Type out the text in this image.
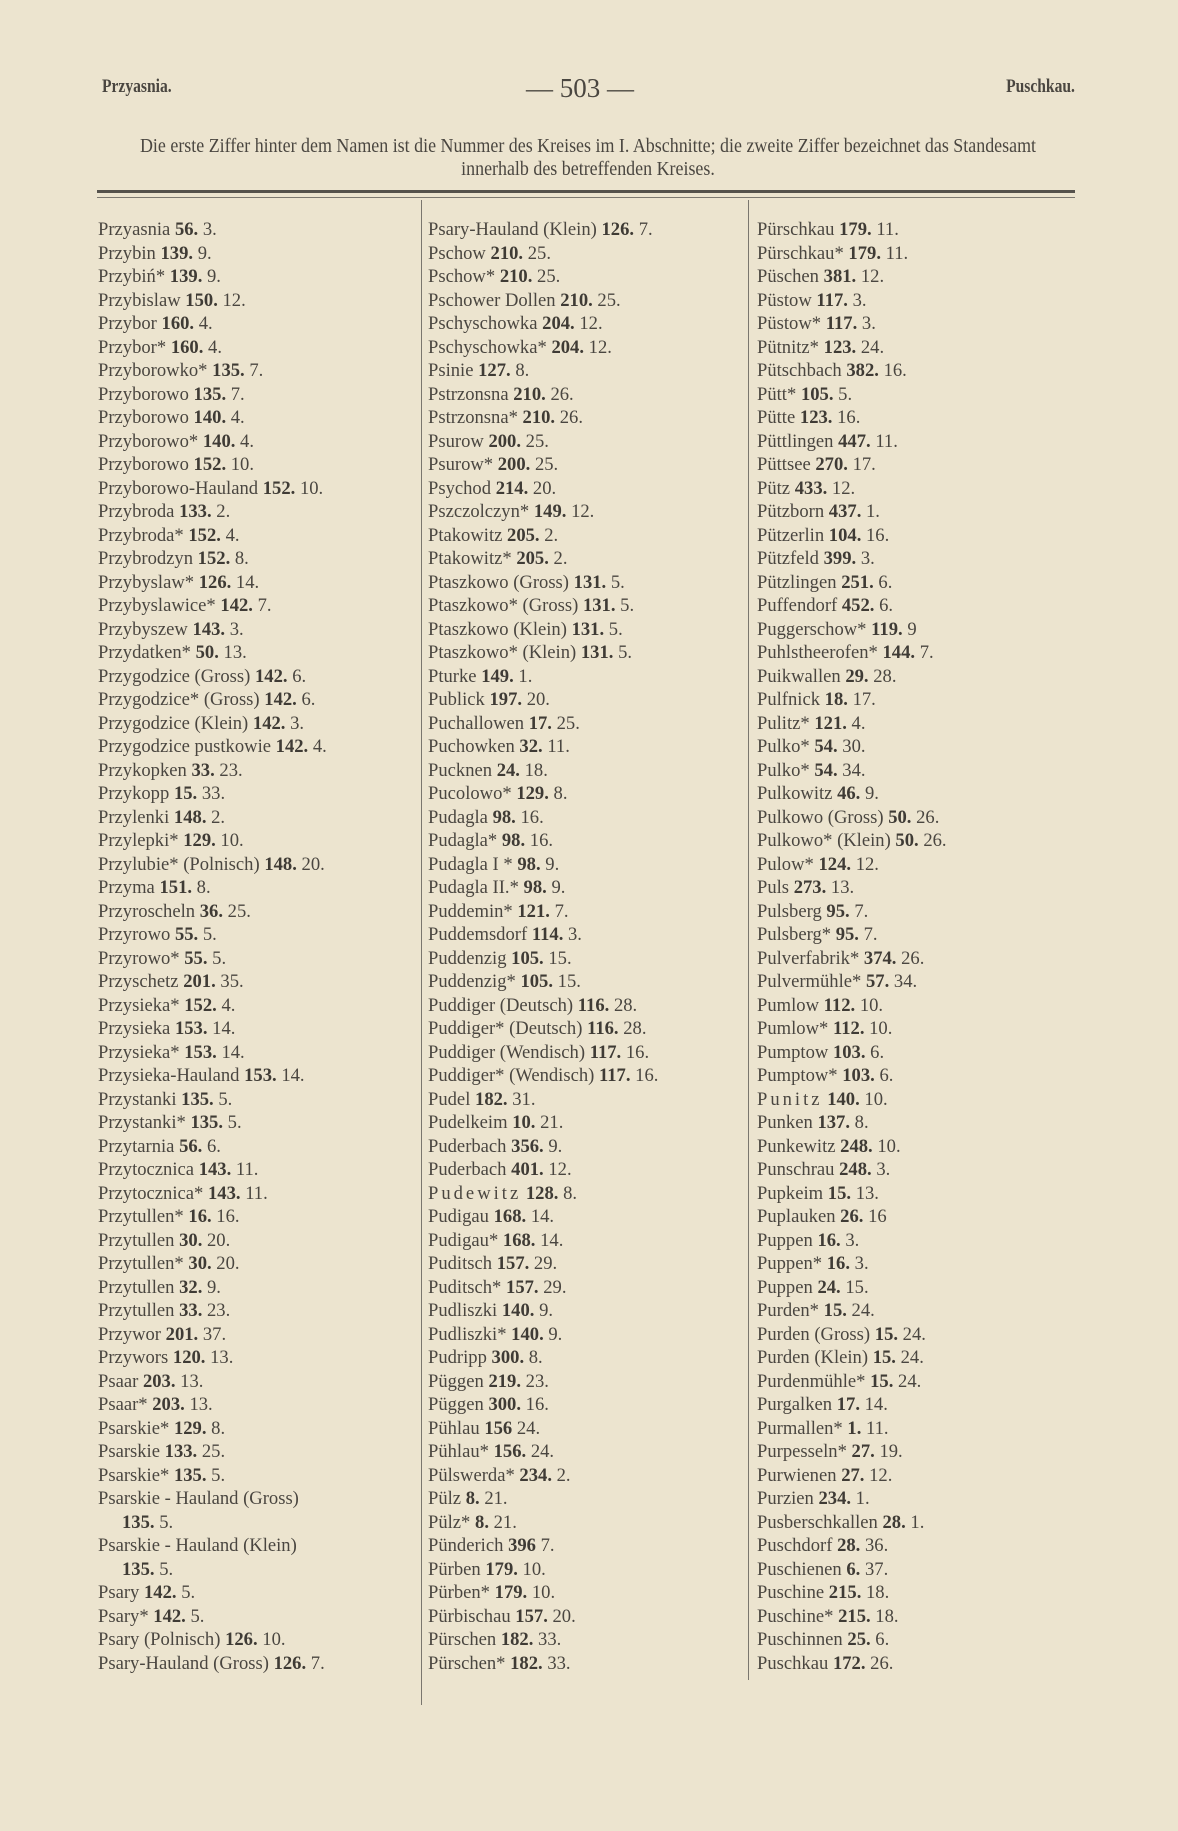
Przyasnia.	— 503 —	Puschkau.
Die erste Ziffer hinter dem Namen ist die Nummer des Kreises im I. Abschnitte; die zweite Ziffer bezeichnet das Standesamt innerhalb des betreffenden Kreises.
Przyasnia 56. 3.
Przybin 139. 9.
Przybiń* 139. 9.
Przybislaw 150. 12.
Przybor 160. 4.
Przybor* 160. 4.
Przyborowko* 135. 7.
Przyborowo 135. 7.
Przyborowo 140. 4.
Przyborowo* 140. 4.
Przyborowo 152. 10.
Przyborowo-Hauland 152. 10.
Przybroda 133. 2.
Przybroda* 152. 4.
Przybrodzyn 152. 8.
Przybyslaw* 126. 14.
Przybyslawice* 142. 7.
Przybyszew 143. 3.
Przydatken* 50. 13.
Przygodzice (Gross) 142. 6.
Przygodzice* (Gross) 142. 6.
Przygodzice (Klein) 142. 3.
Przygodzice pustkowie 142. 4.
Przykopken 33. 23.
Przykopp 15. 33.
Przylenki 148. 2.
Przylepki* 129. 10.
Przylubie* (Polnisch) 148. 20.
Przyma 151. 8.
Przyroscheln 36. 25.
Przyrowo 55. 5.
Przyrowo* 55. 5.
Przyschetz 201. 35.
Przysieka* 152. 4.
Przysieka 153. 14.
Przysieka* 153. 14.
Przysieka-Hauland 153. 14.
Przystanki 135. 5.
Przystanki* 135. 5.
Przytarnia 56. 6.
Przytocznica 143. 11.
Przytocznica* 143. 11.
Przytullen* 16. 16.
Przytullen 30. 20.
Przytullen* 30. 20.
Przytullen 32. 9.
Przytullen 33. 23.
Przywor 201. 37.
Przywors 120. 13.
Psaar 203. 13.
Psaar* 203. 13.
Psarskie* 129. 8.
Psarskie 133. 25.
Psarskie* 135. 5.
Psarskie - Hauland (Gross)
135. 5.
Psarskie - Hauland (Klein)
135. 5.
Psary 142. 5.
Psary* 142. 5.
Psary (Polnisch) 126. 10.
Psary-Hauland (Gross) 126. 7.
Psary-Hauland (Klein) 126. 7.
Pschow 210. 25.
Pschow* 210. 25.
Pschower Dollen 210. 25.
Pschyschowka 204. 12.
Pschyschowka* 204. 12.
Psinie 127. 8.
Pstrzonsna 210. 26.
Pstrzonsna* 210. 26.
Psurow 200. 25.
Psurow* 200. 25.
Psychod 214. 20.
Pszczolczyn* 149. 12.
Ptakowitz 205. 2.
Ptakowitz* 205. 2.
Ptaszkowo (Gross) 131. 5.
Ptaszkowo* (Gross) 131. 5.
Ptaszkowo (Klein) 131. 5.
Ptaszkowo* (Klein) 131. 5.
Pturke 149. 1.
Publick 197. 20.
Puchallowen 17. 25.
Puchowken 32. 11.
Pucknen 24. 18.
Pucolowo* 129. 8.
Pudagla 98. 16.
Pudagla* 98. 16.
Pudagla I * 98. 9.
Pudagla II.* 98. 9.
Puddemin* 121. 7.
Puddemsdorf 114. 3.
Puddenzig 105. 15.
Puddenzig* 105. 15.
Puddiger (Deutsch) 116. 28.
Puddiger* (Deutsch) 116. 28.
Puddiger (Wendisch) 117. 16.
Puddiger* (Wendisch) 117. 16.
Pudel 182. 31.
Pudelkeim 10. 21.
Puderbach 356. 9.
Puderbach 401. 12.
Pudewitz 128. 8.
Pudigau 168. 14.
Pudigau* 168. 14.
Puditsch 157. 29.
Puditsch* 157. 29.
Pudliszki 140. 9.
Pudliszki* 140. 9.
Pudripp 300. 8.
Püggen 219. 23.
Püggen 300. 16.
Pühlau 156 24.
Pühlau* 156. 24.
Pülswerda* 234. 2.
Pülz 8. 21.
Pülz* 8. 21.
Pünderich 396 7.
Pürben 179. 10.
Pürben* 179. 10.
Pürbischau 157. 20.
Pürschen 182. 33.
Pürschen* 182. 33.
Pürschkau 179. 11.
Pürschkau* 179. 11.
Püschen 381. 12.
Püstow 117. 3.
Püstow* 117. 3.
Pütnitz* 123. 24.
Pütschbach 382. 16.
Pütt* 105. 5.
Pütte 123. 16.
Püttlingen 447. 11.
Püttsee 270. 17.
Pütz 433. 12.
Pützborn 437. 1.
Pützerlin 104. 16.
Pützfeld 399. 3.
Pützlingen 251. 6.
Puffendorf 452. 6.
Puggerschow* 119. 9
Puhlstheerofen* 144. 7.
Puikwallen 29. 28.
Pulfnick 18. 17.
Pulitz* 121. 4.
Pulko* 54. 30.
Pulko* 54. 34.
Pulkowitz 46. 9.
Pulkowo (Gross) 50. 26.
Pulkowo* (Klein) 50. 26.
Pulow* 124. 12.
Puls 273. 13.
Pulsberg 95. 7.
Pulsberg* 95. 7.
Pulverfabrik* 374. 26.
Pulvermühle* 57. 34.
Pumlow 112. 10.
Pumlow* 112. 10.
Pumptow 103. 6.
Pumptow* 103. 6.
Punitz 140. 10.
Punken 137. 8.
Punkewitz 248. 10.
Punschrau 248. 3.
Pupkeim 15. 13.
Puplauken 26. 16
Puppen 16. 3.
Puppen* 16. 3.
Puppen 24. 15.
Purden* 15. 24.
Purden (Gross) 15. 24.
Purden (Klein) 15. 24.
Purdenmühle* 15. 24.
Purgalken 17. 14.
Purmallen* 1. 11.
Purpesseln* 27. 19.
Purwienen 27. 12.
Purzien 234. 1.
Pusberschkallen 28. 1.
Puschdorf 28. 36.
Puschienen 6. 37.
Puschine 215. 18.
Puschine* 215. 18.
Puschinnen 25. 6.
Puschkau 172. 26.
